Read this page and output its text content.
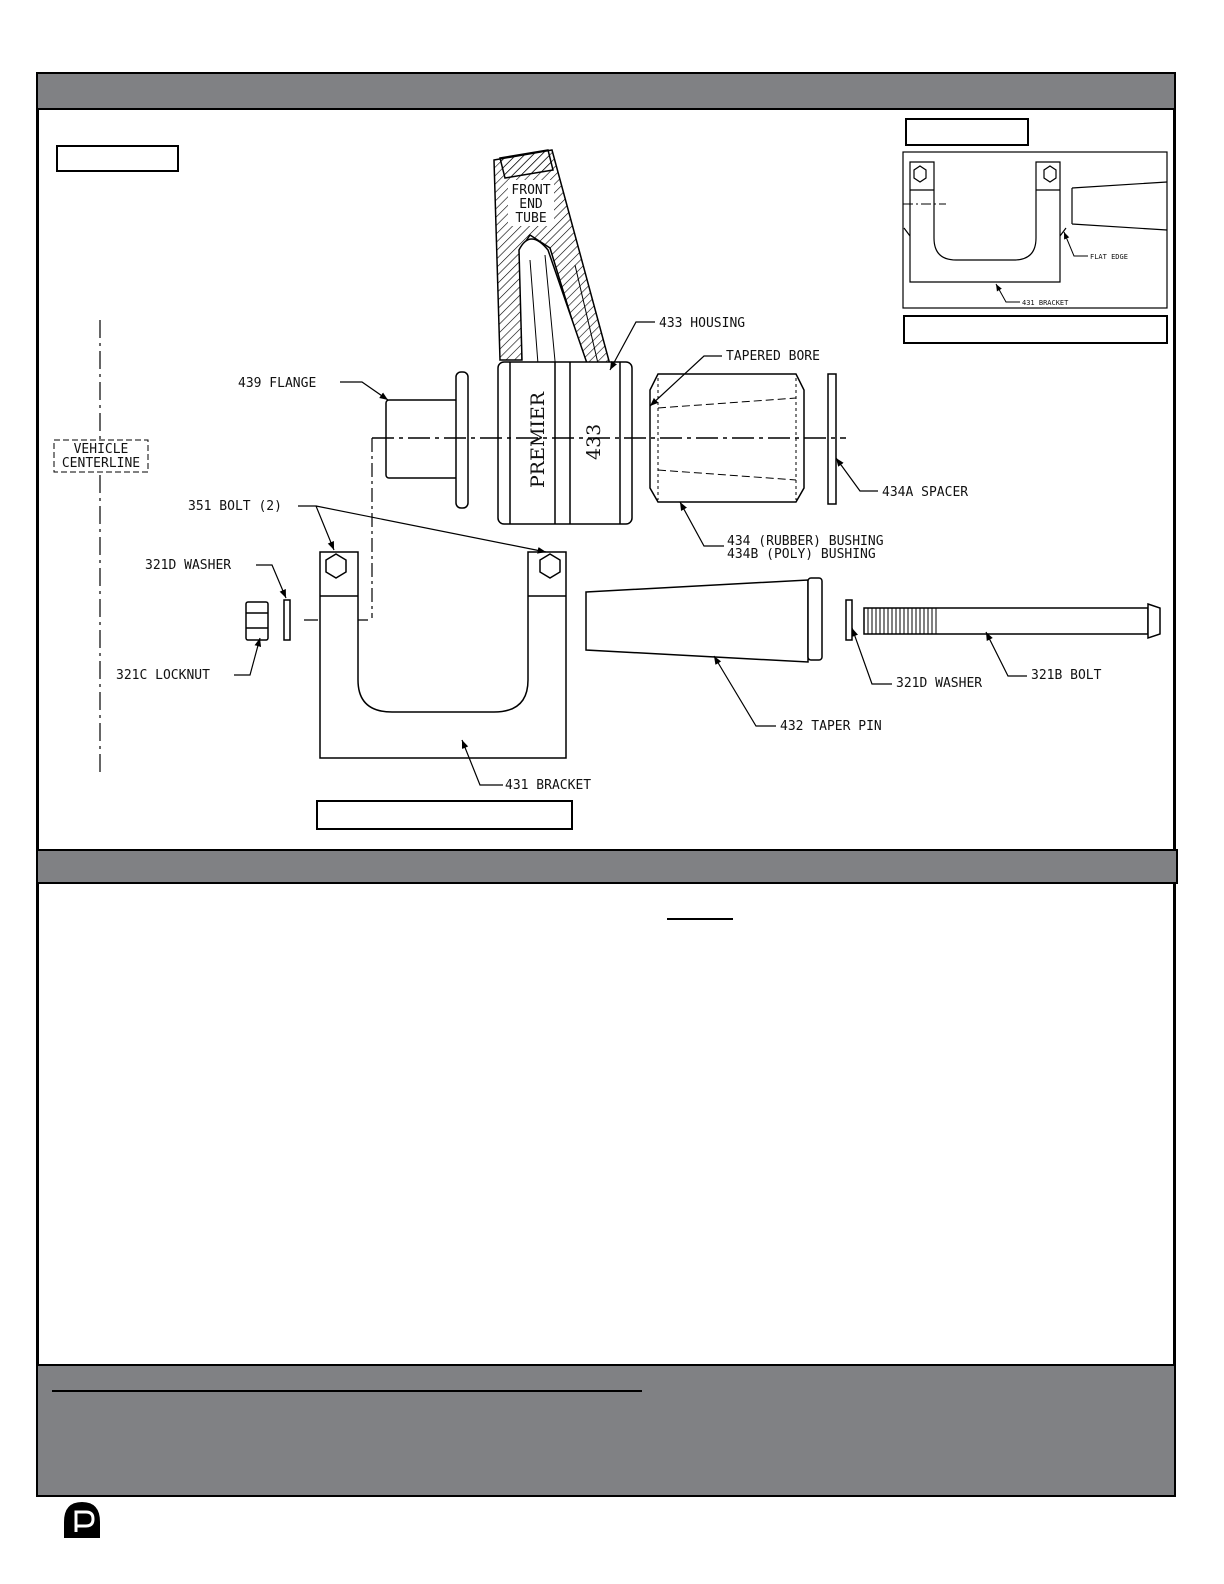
VEHICLE
CENTERLINE
FRONT
END
TUBE
PREMIER 433
433 HOUSING
TAPERED BORE
439 FLANGE
434A SPACER
351 BOLT (2)
434 (RUBBER) BUSHING
434B (POLY) BUSHING
321D WASHER
321C LOCKNUT
431 BRACKET
432 TAPER PIN
321D WASHER
321B BOLT
FLAT EDGE
431 BRACKET
